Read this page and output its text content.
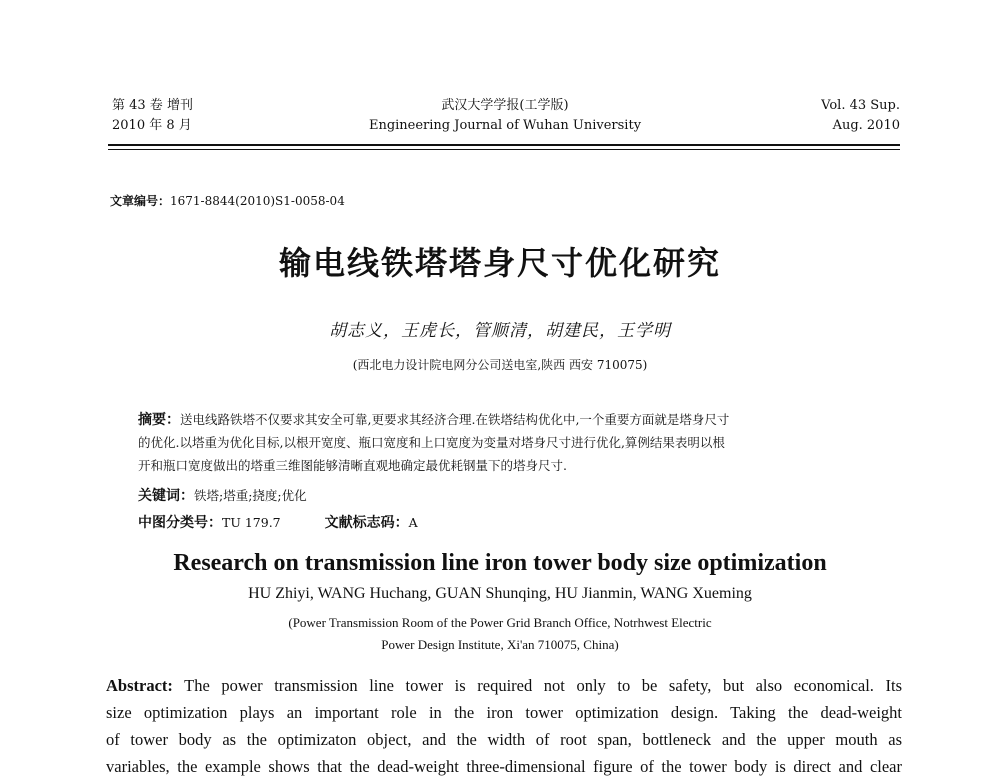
第 43 卷 增刊
2010 年 8 月
武汉大学学报(工学版)
Engineering Journal of Wuhan University
Vol. 43 Sup.
Aug. 2010
文章编号：1671-8844(2010)S1-0058-04
输电线铁塔塔身尺寸优化研究
胡志义，王虎长，管顺清，胡建民，王学明
(西北电力设计院电网分公司送电室,陕西 西安 710075)
摘要：送电线路铁塔不仅要求其安全可靠,更要求其经济合理.在铁塔结构优化中,一个重要方面就是塔身尺寸
的优化.以塔重为优化目标,以根开宽度、瓶口宽度和上口宽度为变量对塔身尺寸进行优化,算例结果表明以根
开和瓶口宽度做出的塔重三维图能够清晰直观地确定最优耗钢量下的塔身尺寸.
关键词：铁塔;塔重;挠度;优化
中图分类号：TU 179.7	文献标志码：A
Research on transmission line iron tower body size optimization
HU Zhiyi, WANG Huchang, GUAN Shunqing, HU Jianmin, WANG Xueming
(Power Transmission Room of the Power Grid Branch Office, Notrhwest Electric
Power Design Institute, Xi'an 710075, China)
Abstract: The power transmission line tower is required not only to be safety, but also economical. Its
size optimization plays an important role in the iron tower optimization design. Taking the dead-weight
of tower body as the optimizaton object, and the width of root span, bottleneck and the upper mouth as
variables, the example shows that the dead-weight three-dimensional figure of the tower body is direct and clear
